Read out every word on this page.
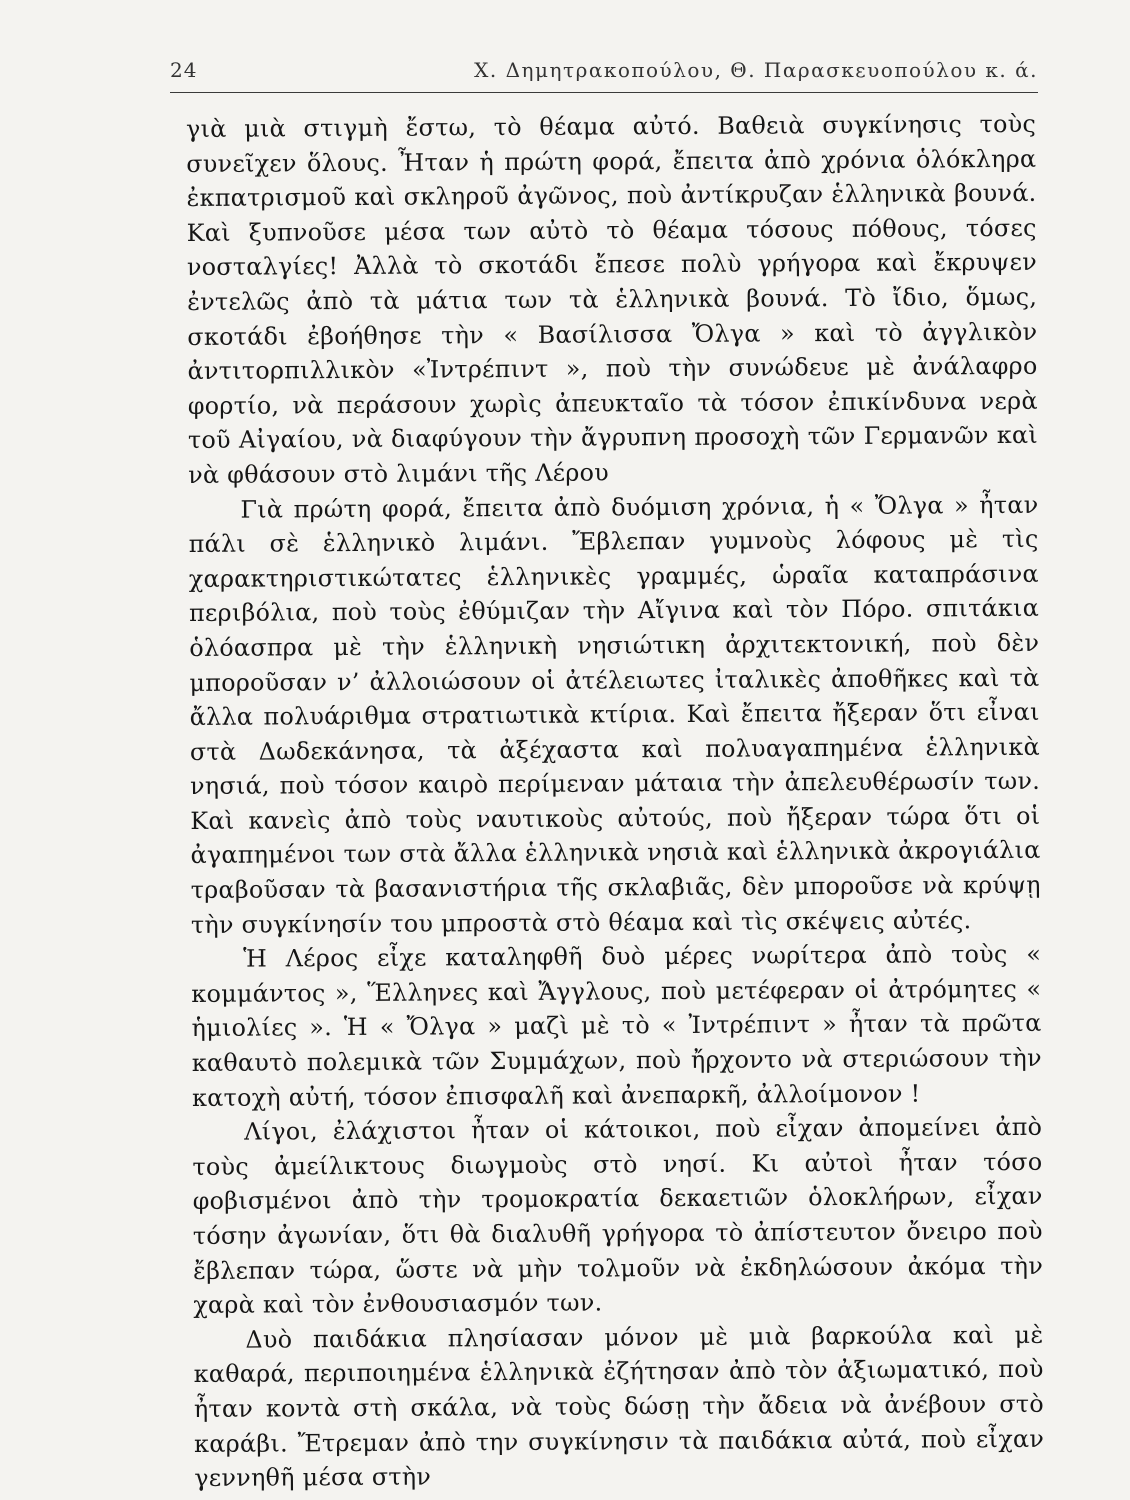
24	Χ. Δημητρακοπούλου, Θ. Παρασκευοπούλου κ. ά.

γιὰ μιὰ στιγμὴ ἔστω, τὸ θέαμα αὐτό. Βαθειὰ συγκίνησις τοὺς συνεῖχεν ὅλους. Ἦταν ἡ πρώτη φορά, ἔπειτα ἀπὸ χρόνια ὁλόκληρα ἐκπατρισμοῦ καὶ σκληροῦ ἀγῶνος, ποὺ ἀντίκρυζαν ἑλληνικὰ βουνά. Καὶ ξυπνοῦσε μέσα των αὐτὸ τὸ θέαμα τόσους πόθους, τόσες νοσταλγίες! Ἀλλὰ τὸ σκοτάδι ἔπεσε πολὺ γρήγορα καὶ ἔκρυψεν ἐντελῶς ἀπὸ τὰ μάτια των τὰ ἑλληνικὰ βουνά. Τὸ ἴδιο, ὅμως, σκοτάδι ἐβοήθησε τὴν « Βασίλισσα Ὄλγα » καὶ τὸ ἀγγλικὸν ἀντιτορπιλλικὸν «Ἰντρέπιντ », ποὺ τὴν συνώδευε μὲ ἀνάλαφρο φορτίο, νὰ περάσουν χωρὶς ἀπευκταῖο τὰ τόσον ἐπικίνδυνα νερὰ τοῦ Αἰγαίου, νὰ διαφύγουν τὴν ἄγρυπνη προσοχὴ τῶν Γερμανῶν καὶ νὰ φθάσουν στὸ λιμάνι τῆς Λέρου

Γιὰ πρώτη φορά, ἔπειτα ἀπὸ δυόμιση χρόνια, ἡ « Ὄλγα » ἦταν πάλι σὲ ἑλληνικὸ λιμάνι. Ἔβλεπαν γυμνοὺς λόφους μὲ τὶς χαρακτηριστικώτατες ἑλληνικὲς γραμμές, ὡραῖα καταπράσινα περιβόλια, ποὺ τοὺς ἐθύμιζαν τὴν Αἴγινα καὶ τὸν Πόρο. σπιτάκια ὁλόασπρα μὲ τὴν ἑλληνικὴ νησιώτικη ἀρχιτεκτονική, ποὺ δὲν μποροῦσαν ν’ ἀλλοιώσουν οἱ ἀτέλειωτες ἰταλικὲς ἀποθῆκες καὶ τὰ ἄλλα πολυάριθμα στρατιωτικὰ κτίρια. Καὶ ἔπειτα ἤξεραν ὅτι εἶναι στὰ Δωδεκάνησα, τὰ ἀξέχαστα καὶ πολυαγαπημένα ἑλληνικὰ νησιά, ποὺ τόσον καιρὸ περίμεναν μάταια τὴν ἀπελευθέρωσίν των. Καὶ κανεὶς ἀπὸ τοὺς ναυτικοὺς αὐτούς, ποὺ ἤξεραν τώρα ὅτι οἱ ἀγαπημένοι των στὰ ἄλλα ἑλληνικὰ νησιὰ καὶ ἑλληνικὰ ἀκρογιάλια τραβοῦσαν τὰ βασανιστήρια τῆς σκλαβιᾶς, δὲν μποροῦσε νὰ κρύψῃ τὴν συγκίνησίν του μπροστὰ στὸ θέαμα καὶ τὶς σκέψεις αὐτές.

Ἡ Λέρος εἶχε καταληφθῆ δυὸ μέρες νωρίτερα ἀπὸ τοὺς « κομμάντος », Ἕλληνες καὶ Ἄγγλους, ποὺ μετέφεραν οἱ ἀτρόμητες « ἡμιολίες ». Ἡ « Ὄλγα » μαζὶ μὲ τὸ « Ἰντρέπιντ » ἦταν τὰ πρῶτα καθαυτὸ πολεμικὰ τῶν Συμμάχων, ποὺ ἤρχοντο νὰ στεριώσουν τὴν κατοχὴ αὐτή, τόσον ἐπισφαλῆ καὶ ἀνεπαρκῆ, ἀλλοίμονον !

Λίγοι, ἐλάχιστοι ἦταν οἱ κάτοικοι, ποὺ εἶχαν ἀπομείνει ἀπὸ τοὺς ἀμείλικτους διωγμοὺς στὸ νησί. Κι αὐτοὶ ἦταν τόσο φοβισμένοι ἀπὸ τὴν τρομοκρατία δεκαετιῶν ὁλοκλήρων, εἶχαν τόσην ἀγωνίαν, ὅτι θὰ διαλυθῆ γρήγορα τὸ ἀπίστευτον ὄνειρο ποὺ ἔβλεπαν τώρα, ὥστε νὰ μὴν τολμοῦν νὰ ἐκδηλώσουν ἀκόμα τὴν χαρὰ καὶ τὸν ἐνθουσιασμόν των.

Δυὸ παιδάκια πλησίασαν μόνον μὲ μιὰ βαρκούλα καὶ μὲ καθαρά, περιποιημένα ἑλληνικὰ ἐζήτησαν ἀπὸ τὸν ἀξιωματικό, ποὺ ἦταν κοντὰ στὴ σκάλα, νὰ τοὺς δώσῃ τὴν ἄδεια νὰ ἀνέβουν στὸ καράβι. Ἔτρεμαν ἀπὸ την συγκίνησιν τὰ παιδάκια αὐτά, ποὺ εἶχαν γεννηθῆ μέσα στὴν
